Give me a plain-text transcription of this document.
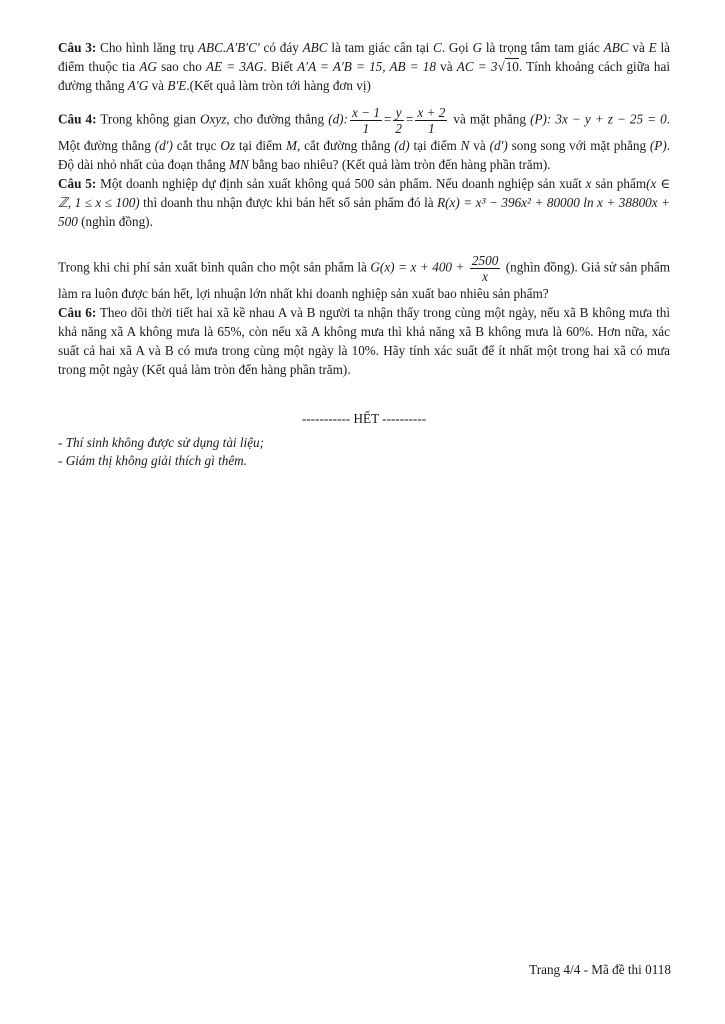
Câu 3: Cho hình lăng trụ ABC.A′B′C′ có đáy ABC là tam giác cân tại C. Gọi G là trọng tâm tam giác ABC và E là điểm thuộc tia AG sao cho AE = 3AG. Biết A′A = A′B = 15, AB = 18 và AC = 3√10. Tính khoảng cách giữa hai đường thẳng A′G và B′E.(Kết quả làm tròn tới hàng đơn vị)

Câu 4: Trong không gian Oxyz, cho đường thẳng (d): $\frac{x - 1}{1} = \frac{y}{2} = \frac{x + 2}{1}$ và mặt phẳng (P): 3x − y + z − 25 = 0. Một đường thẳng (d′) cắt trục Oz tại điểm M, cắt đường thẳng (d) tại điểm N và (d′) song song với mặt phẳng (P). Độ dài nhỏ nhất của đoạn thẳng MN bằng bao nhiêu? (Kết quả làm tròn đến hàng phần trăm).

Câu 5: Một doanh nghiệp dự định sản xuất không quá 500 sản phẩm. Nếu doanh nghiệp sản xuất x sản phẩm(x ∈ ℤ, 1 ≤ x ≤ 100) thì doanh thu nhận được khi bán hết số sản phẩm đó là R(x) = x³ − 396x² + 80000 ln x + 38800x + 500 (nghìn đồng).

Trong khi chi phí sản xuất bình quân cho một sản phẩm là $G(x) = x + 400 + \frac{2500}{x}$ (nghìn đồng). Giả sử sản phẩm làm ra luôn được bán hết, lợi nhuận lớn nhất khi doanh nghiệp sản xuất bao nhiêu sản phẩm?

Câu 6: Theo dõi thời tiết hai xã kề nhau A và B người ta nhận thấy trong cùng một ngày, nếu xã B không mưa thì khả năng xã A không mưa là 65%, còn nếu xã A không mưa thì khả năng xã B không mưa là 60%. Hơn nữa, xác suất cả hai xã A và B có mưa trong cùng một ngày là 10%. Hãy tính xác suất để ít nhất một trong hai xã có mưa trong một ngày (Kết quả làm tròn đến hàng phần trăm).

----------- HẾT ----------
- Thí sinh không được sử dụng tài liệu;
- Giám thị không giải thích gì thêm.
Trang 4/4 - Mã đề thi 0118
